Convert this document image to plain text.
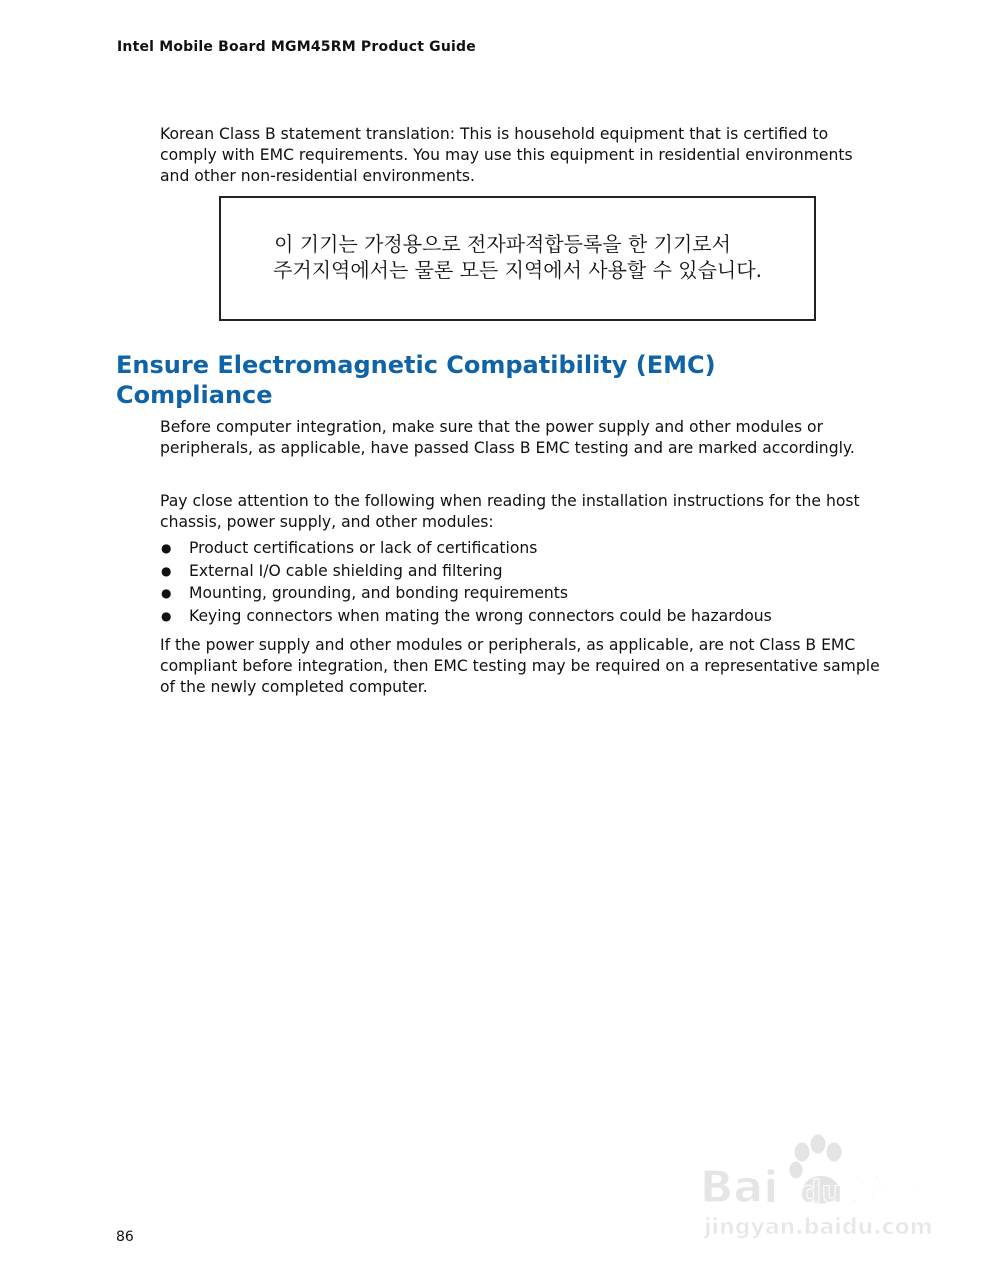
Intel Mobile Board MGM45RM Product Guide

Korean Class B statement translation: This is household equipment that is certified to comply with EMC requirements. You may use this equipment in residential environments and other non-residential environments.

이 기기는 가정용으로 전자파적합등록을 한 기기로서
주거지역에서는 물론 모든 지역에서 사용할 수 있습니다.
Ensure Electromagnetic Compatibility (EMC) Compliance

Before computer integration, make sure that the power supply and other modules or peripherals, as applicable, have passed Class B EMC testing and are marked accordingly.

Pay close attention to the following when reading the installation instructions for the host chassis, power supply, and other modules:

● Product certifications or lack of certifications
● External I/O cable shielding and filtering
● Mounting, grounding, and bonding requirements
● Keying connectors when mating the wrong connectors could be hazardous

If the power supply and other modules or peripherals, as applicable, are not Class B EMC compliant before integration, then EMC testing may be required on a representative sample of the newly completed computer.

86
Bai du 经验
jingyan.baidu.com
